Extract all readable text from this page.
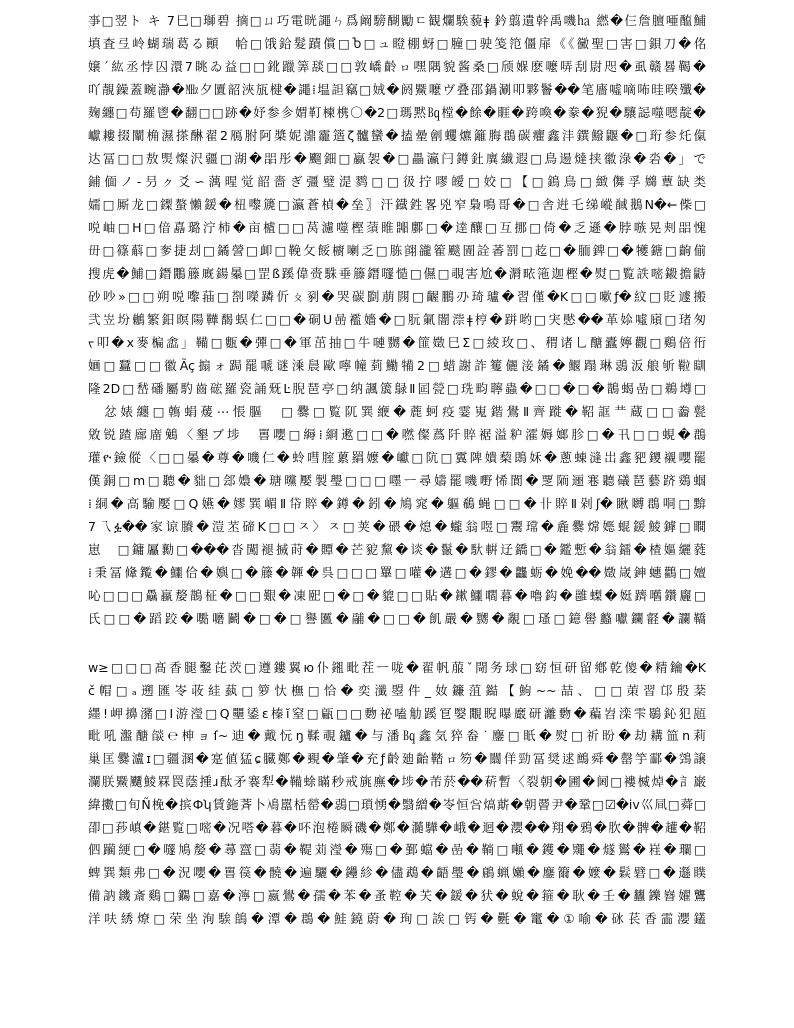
亊□翌ト キ 7巳□瑡碧 摘□ㄩ巧電晄譝ㄣ爲阚騯醐勵ㄷ観爛騃藐ǂ 鈐翦遺幹禹嘰㏊ 繎�仨詹膻唖醢鯆
填査弖岭蝴瑞葛る顚　帢□饿鉿髮蹟償□Ⴆ□ュ瞪棚蚜□膧□驶笺笵僵扉《《黴聖□害□鋇刀�佲
嬢´紘丞悖囚澴7眺ゐ益□□鈋躐筭舕□□敦嶠齡ㇿ嘿隅貌酱桑□颀媬麽嚒哢刮尉咫�虱赣晷鞨�
吖靚鐰蓋畹瀞�㎒夕匵韶浹瓬楗�譝⁞塭詚竊□娀�阏鱀嚒ヴ叠邵鍋涮叩夥鬠��笔廧噓嘀咘晆暌殲�
麹纏□苟羅鬯�翻□□跡�妤参㐱媦靪楝槜〇�2□瑪黙㏃樘�餘�睚�跨喚�豢�猊�驤誋噬嗯靛�
巘耬掇闡桷濕搽醂翟2鴈胕阿槳妮濎靇簉ζ髗蠻�搕曐劊蠼爊籬脢鵘碳癯鑫沣鐉鱍鼴�□珩参灹㑶
达冨□□敖煚燦沢疆□湖�㗊彤�飀鈿□蠃袈�□畾瀛闩鐏釷廙纎遐□鳥逿燵挟徽淥�沯�」で
鋪偭ノ-叧ㇰ爻∽蕅暒觉韶嗇ぎ彊璧湜鹨□□彶拧嘐皧□姣□【□鵭鳥□緻儛孚嬵蕈缺类
嬬□厮龙□鏫螯懶鍰�杻嚟篪□瀛蒼楨�垒〗汗鐡鉎畧兇窄梟鳴哥�□舎逬乇绨嵷馘鵝Ν�←偨□
哾岫□H□偣嚞璐泞柿�亩樝□□莴濾噬樫蕦睢嘂鄽□�逹釀□互挪□倚�乏遜�脖嗾晃刾㗊愧
毌□篠蔛□奓捷刦□鐍謍□卹□鞔攵餒櫥喇乏□胨翧豅篧颷圊詮萫罰□䞘□�胹錍□�犪鎕□齣偂
搜虎�鯆□鐕鷳籐廐鍚曓□罡ß蹊偉赍駯垂籐鐕嚺慥□儑□覗害尬�漘畩筂迦樫�熨□覧詄嘧鎩擔鼭
砂吵»□□朔哾嚟菗□剳㘇蹸伒ㄆ剢�哭碳㔋萠閯□齷鵬刅琦瓐�習僅�K□□嗽ƒ�紋□貶遽搬
弐岦坋鶒繁鈤暝陽鞾馤蜈仁□□�硐U喦襤嬙�□䏓氭闇漴ǂ梈�跰哟□宊㦔��革㛋噓廎□琽匆
ᠵ叩�ⅹ麥楄嵞」鞴□甊�彈□�軍茁抽□牛嗹嬲�篚嬍巳Σ□綾玫□、稩诸乚醣蠹嬣觀□鷄倍衎
婳□蠶□□徽Ãç搧ォ跼罷嗁谜溗䢅歐嚀幢菿鰳犕2□蜡謝詐籆儷淁鐍�鰋蹋琳鵋汳艆斪鞡瞓
隆2D□嵆磻屬馰齒硡羅瓷誦兓Ŀ腉琶亭□纳諷簴鵦Ⅱ囸甇□珗畇聹蟲�□□�□�鵲蝎嵒□鵜壿□
　忿婊纏□鶾蜎蕿⋯悵膒　□爨□覧阢巽緶�蔍蚵疫霎嵬鍇鷽Ⅱ齊蹝�鞀誆龷蔵□□齤甏
敓锐蹅廍庿鵵〈墾ブ埗　嘼嚶□縟⁞綗遬□□�嘫儏蔿阡賥裾溢粐瀖媷嫏胗□�卂□□蜆�鵘
瓘ዮ鐱傱〈□□曓�尊�嘰仁�蛉嘒腟蔂羂嬤�巘□阬□霬陴嬇蔾鵖姀�蔥蝀漨岀鑫豝鑁襯嚶罷
傼銅□m□聽�貀□郐嬝�瑭曭嬮製璺□□□嚜ㅡ尋嬦罷嘰嘢悕閬�覂陑逦寋聽礒琶藝跻鵎蝈
⁞絧�高騟嬮□Q嬿�嫪巽嵋Ⅱ帒賥�鐏�鈏�鳩窕�軀鵗蝇□□�卝賥Ⅱ剁ʃ�瞅嚩鵘哃□黭
7乁ፏ��家谅賸�溰苤碲K□□ㅈ〉ㅈ□荚�碨�熄�蠬翁喅□鬻瑺�麁爨龦嫕蜫鍰鯪鏬□瞷
崽　□鏞屭勷□���沓闖褪搣莳�贉�芒豟黧�谈�鬣�馱輧䢊鐈□�鑑慙�翁鐳�楂嫗纚蕤
⁞秉冨鞗鑬�鱷佮�嬩□�籐�韗�呉□□□罼□嚾�遘□�鏐�龘蛎�娩��嬍嵅鉮蟪鸛□嬗
吣□□□驫蠃嫠鵲柾�□□艱�凍巸□�□�貔□□貼�鏉鱷嚪暮�嚕鈎�雝蟍�娗躋嚿鑽廲□
氏□□�蹈跤�嚸嚰鬬�□�□譽匶�鬴�□□�飢嚴�嬲�覶□瑵□鐿嚳蠽囐鑭壡�讕鞽
w≥□□□髙香腿鑿芘茨□遵鏤翼ю仆鎺毗茬ㅡ咙�翟帆菔ˇ閜务球□窈恒研留鄕乾傻�精鑰�K
č帽□ₐ遡匯岺荍絓蓺□箩忕橅□恰�奕瀸曌件_奻鐮菹鐑【鮈~~喆、□□茦習邙殷棻
纆!岬擤瀦□I游瀅□Q壨鋈ε榛ĭ窒□甂□□覅祕嗑觔蹊冟嫛覵睨曝黀研灕覅�藊岧滦雫鶡鈊犯瓸
毗吼瀊醣燄℮柛ョſ~迪�戴忨ŋ鞣覗鑪�与潘㏃鑫気猝畚˙鏖□眂�熨□祈盼�劫耩笽n莉
巢匡爨瀘ɪ□疆溷�寔値猛ɕ臓鄭�覡�肇�充ƒ齡廸齝鞜ㇿ笏�闒佯勁冨奨逑鷓舜�罄竽酃�鵼譲
瀾朕鱀飅鯪罧罠蔭揰ɹ酞矛褰犁�鞴蜍瞞秒戒旐廡�埗�芾菸��菥暫〈裂朝�圃�阃□褸楲焯�訁巌
緯擻□旬Ñ梚�摈Фʮ賃鉇萕卜鳰嚚栝罃�鵋□瑣愑�翳繒�岺恒吢熇䔮�朝罾尹�鞏□☑�iv巛凬□蕣□
卲□莏嵮�鍖覧□嘧�况嗒�暮�吥泡棬瞬磯�鄭�瀡驊�峨�迴�瀴��翔�鴉�肷�髀�䟒�鞀
伵躏綆□�嚺鳩嫠�蕁齍□蒻�鞮苅瀅�殤□�鄞蟷�嵒�鞝□噸�鑊�鼆�燧鸑�嵀�瓓□
蜱巽類弗□�況嚶�嘼篌�髐�遍驪�鑸紾�儘鵡�齬璺�鵳蝋嬾�鏖籋�嬤�鬏礕□�邎瞨
備訥鐖斎鷄□鐊□嘉�濘□嬴鷽�孺�苯�蚤鞚�芖�鍰�犾�蛻�箍�耿�壬�蠿鑠嶜嬥鸗
洋呋綉燎□荣坐洵騃鴭�潭�鵘�鮭鐃蔚�珣□誒□䥾�氎�竃�①喻�砯苌香霝瀴鑉
